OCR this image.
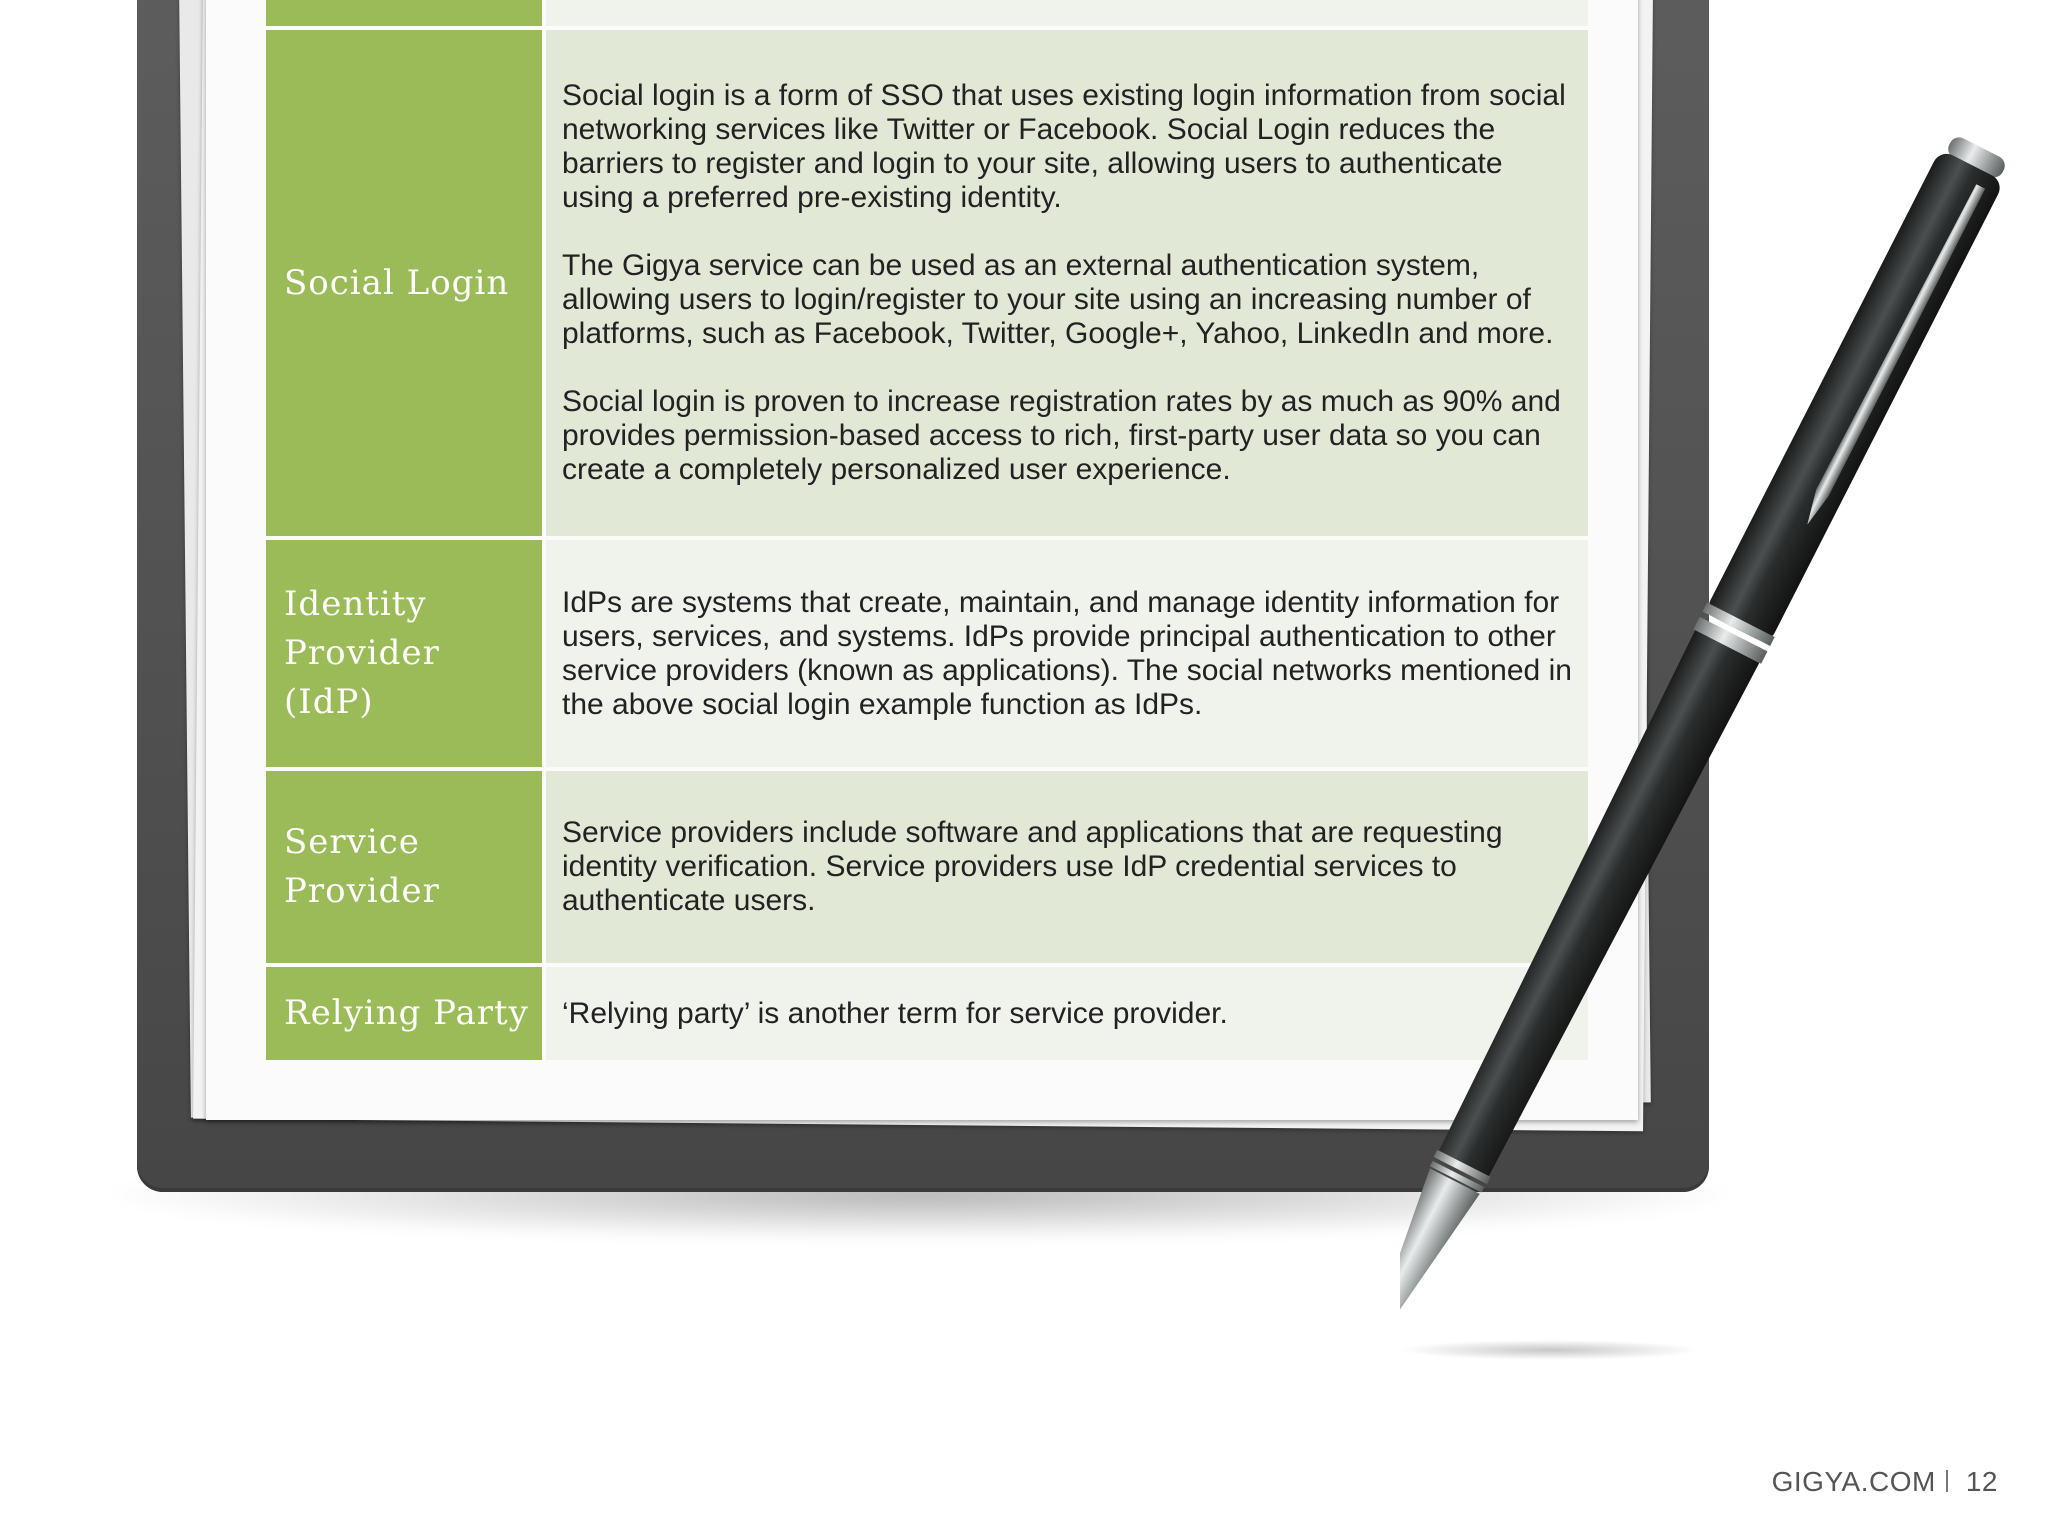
Social Login

Social login is a form of SSO that uses existing login information from social networking services like Twitter or Facebook. Social Login reduces the barriers to register and login to your site, allowing users to authenticate using a preferred pre-existing identity.

The Gigya service can be used as an external authentication system, allowing users to login/register to your site using an increasing number of platforms, such as Facebook, Twitter, Google+, Yahoo, LinkedIn and more.

Social login is proven to increase registration rates by as much as 90% and provides permission-based access to rich, first-party user data so you can create a completely personalized user experience.

Identity
Provider
(IdP)

IdPs are systems that create, maintain, and manage identity information for users, services, and systems. IdPs provide principal authentication to other service providers (known as applications). The social networks mentioned in the above social login example function as IdPs.

Service
Provider

Service providers include software and applications that are requesting identity verification. Service providers use IdP credential services to authenticate users.

Relying Party	‘Relying party’ is another term for service provider.

GIGYA.COM 12
